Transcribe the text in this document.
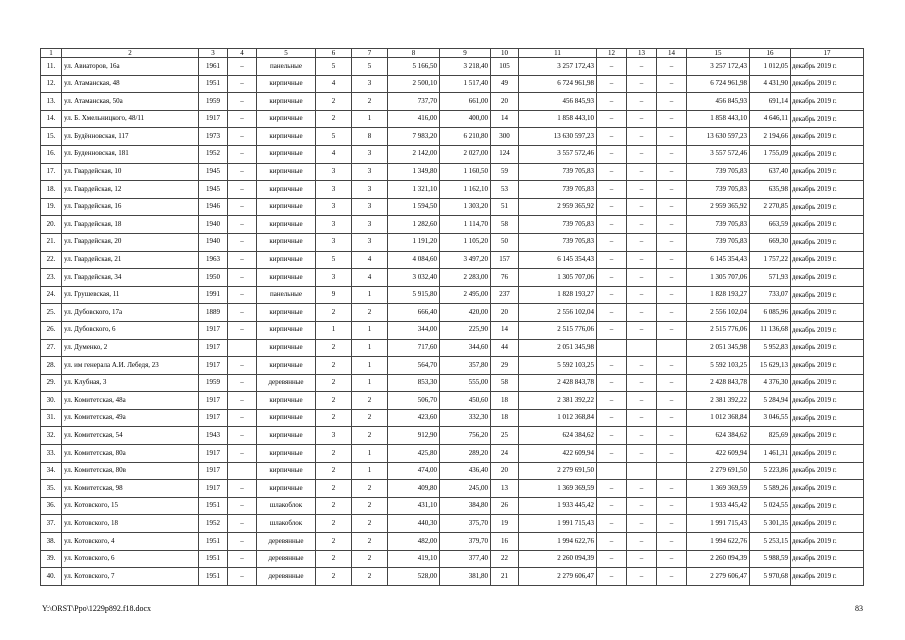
1	2	3	4	5	6	7	8	9	10	11	12	13	14	15	16	17
11.	ул. Авиаторов, 16а	1961	–	панельные	5	5	5 166,50	3 218,40	105	3 257 172,43	–	–	–	3 257 172,43	1 012,05	декабрь 2019 г.
12.	ул. Атаманская, 48	1951	–	кирпичные	4	3	2 500,10	1 517,40	49	6 724 961,98	–	–	–	6 724 961,98	4 431,90	декабрь 2019 г.
13.	ул. Атаманская, 50а	1959	–	кирпичные	2	2	737,70	661,00	20	456 845,93	–	–	–	456 845,93	691,14	декабрь 2019 г.
14.	ул. Б. Хмельницкого, 48/11	1917	–	кирпичные	2	1	416,00	400,00	14	1 858 443,10	–	–	–	1 858 443,10	4 646,11	декабрь 2019 г.
15.	ул. Будённовская, 117	1973	–	кирпичные	5	8	7 983,20	6 210,80	300	13 630 597,23	–	–	–	13 630 597,23	2 194,66	декабрь 2019 г.
16.	ул. Буденновская, 181	1952	–	кирпичные	4	3	2 142,00	2 027,00	124	3 557 572,46	–	–	–	3 557 572,46	1 755,09	декабрь 2019 г.
17.	ул. Гвардейская, 10	1945	–	кирпичные	3	3	1 349,80	1 160,50	59	739 705,83	–	–	–	739 705,83	637,40	декабрь 2019 г.
18.	ул. Гвардейская, 12	1945	–	кирпичные	3	3	1 321,10	1 162,10	53	739 705,83	–	–	–	739 705,83	635,98	декабрь 2019 г.
19.	ул. Гвардейская, 16	1946	–	кирпичные	3	3	1 594,50	1 303,20	51	2 959 365,92	–	–	–	2 959 365,92	2 270,85	декабрь 2019 г.
20.	ул. Гвардейская, 18	1940	–	кирпичные	3	3	1 282,60	1 114,70	58	739 705,83	–	–	–	739 705,83	663,59	декабрь 2019 г.
21.	ул. Гвардейская, 20	1940	–	кирпичные	3	3	1 191,20	1 105,20	50	739 705,83	–	–	–	739 705,83	669,30	декабрь 2019 г.
22.	ул. Гвардейская, 21	1963	–	кирпичные	5	4	4 084,60	3 497,20	157	6 145 354,43	–	–	–	6 145 354,43	1 757,22	декабрь 2019 г.
23.	ул. Гвардейская, 34	1950	–	кирпичные	3	4	3 032,40	2 283,00	76	1 305 707,06	–	–	–	1 305 707,06	571,93	декабрь 2019 г.
24.	ул. Грушевская, 11	1991	–	панельные	9	1	5 915,80	2 495,00	237	1 828 193,27	–	–	–	1 828 193,27	733,07	декабрь 2019 г.
25.	ул. Дубовского, 17а	1889	–	кирпичные	2	2	666,40	420,00	20	2 556 102,04	–	–	–	2 556 102,04	6 085,96	декабрь 2019 г.
26.	ул. Дубовского, 6	1917	–	кирпичные	1	1	344,00	225,90	14	2 515 776,06	–	–	–	2 515 776,06	11 136,68	декабрь 2019 г.
27.	ул. Думенко, 2	1917		кирпичные	2	1	717,60	344,60	44	2 051 345,98				2 051 345,98	5 952,83	декабрь 2019 г.
28.	ул. им генерала А.И. Лебедя, 23	1917	–	кирпичные	2	1	564,70	357,80	29	5 592 103,25	–	–	–	5 592 103,25	15 629,13	декабрь 2019 г.
29.	ул. Клубная, 3	1959	–	деревянные	2	1	853,30	555,00	58	2 428 843,78	–	–	–	2 428 843,78	4 376,30	декабрь 2019 г.
30.	ул. Комитетская, 48а	1917	–	кирпичные	2	2	506,70	450,60	18	2 381 392,22	–	–	–	2 381 392,22	5 284,94	декабрь 2019 г.
31.	ул. Комитетская, 49а	1917	–	кирпичные	2	2	423,60	332,30	18	1 012 368,84	–	–	–	1 012 368,84	3 046,55	декабрь 2019 г.
32.	ул. Комитетская, 54	1943	–	кирпичные	3	2	912,90	756,20	25	624 384,62	–	–	–	624 384,62	825,69	декабрь 2019 г.
33.	ул. Комитетская, 80а	1917	–	кирпичные	2	1	425,80	289,20	24	422 609,94	–	–	–	422 609,94	1 461,31	декабрь 2019 г.
34.	ул. Комитетская, 80в	1917		кирпичные	2	1	474,00	436,40	20	2 279 691,50				2 279 691,50	5 223,86	декабрь 2019 г.
35.	ул. Комитетская, 98	1917	–	кирпичные	2	2	409,80	245,00	13	1 369 369,59	–	–	–	1 369 369,59	5 589,26	декабрь 2019 г.
36.	ул. Котовского, 15	1951	–	шлакоблок	2	2	431,10	384,80	26	1 933 445,42	–	–	–	1 933 445,42	5 024,55	декабрь 2019 г.
37.	ул. Котовского, 18	1952	–	шлакоблок	2	2	440,30	375,70	19	1 991 715,43	–	–	–	1 991 715,43	5 301,35	декабрь 2019 г.
38.	ул. Котовского, 4	1951	–	деревянные	2	2	482,00	379,70	16	1 994 622,76	–	–	–	1 994 622,76	5 253,15	декабрь 2019 г.
39.	ул. Котовского, 6	1951	–	деревянные	2	2	419,10	377,40	22	2 260 094,39	–	–	–	2 260 094,39	5 988,59	декабрь 2019 г.
40.	ул. Котовского, 7	1951	–	деревянные	2	2	528,00	381,80	21	2 279 606,47	–	–	–	2 279 606,47	5 970,68	декабрь 2019 г.
Y:\ORST\Ppo\1229p892.f18.docx	83
